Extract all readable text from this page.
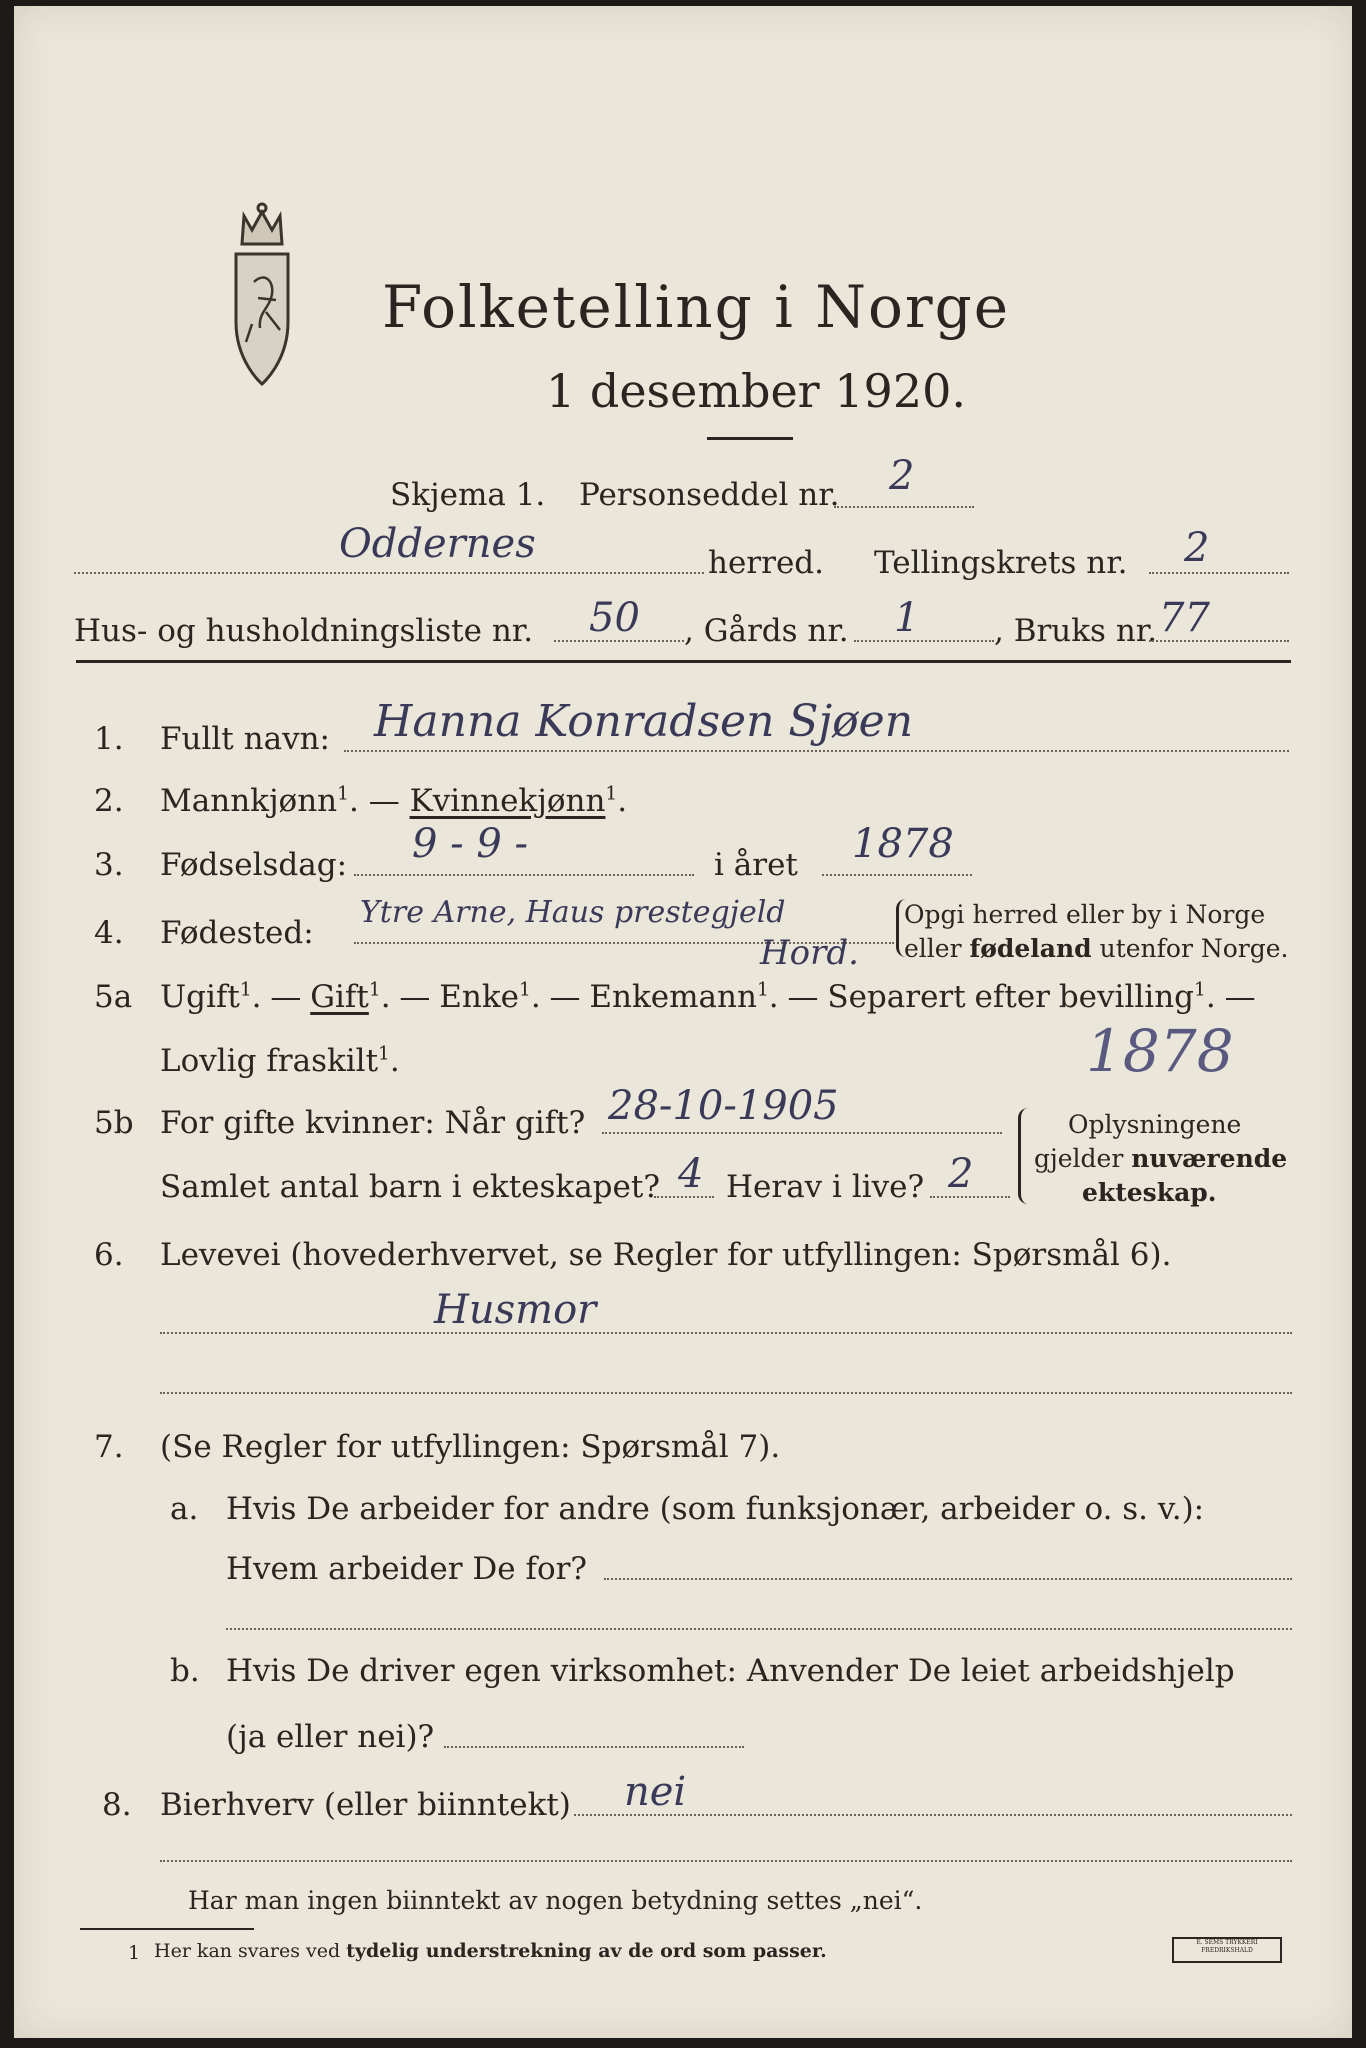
Folketelling i Norge
1 desember 1920.
Skjema 1. Personseddel nr. 2
Oddernes	herred. Tellingskrets nr. 2
Hus- og husholdningsliste nr. 50 , Gårds nr. 1 , Bruks nr. 77
1. Fullt navn: Hanna Konradsen Sjøen
2. Mannkjønn$^1$. — Kvinnekjønn$^1$.
3. Fødselsdag: 9 - 9 -	i året 1878
4. Fødested:
Ytre Arne, Haus prestegjeld
Hord.
Opgi herred eller by i Norge
eller fødeland utenfor Norge.
5a Ugift$^1$. — Gift$^1$. — Enke$^1$. — Enkemann$^1$. — Separert efter bevilling$^1$. —
Lovlig fraskilt$^1$.	1878
5b For gifte kvinner: Når gift? 28-10-1905
Samlet antal barn i ekteskapet? 4 Herav i live? 2
Oplysningene
gjelder nuværende
ekteskap.
6. Levevei (hovederhvervet, se Regler for utfyllingen: Spørsmål 6).
Husmor
7. (Se Regler for utfyllingen: Spørsmål 7).
a. Hvis De arbeider for andre (som funksjonær, arbeider o. s. v.):
Hvem arbeider De for?
b. Hvis De driver egen virksomhet: Anvender De leiet arbeidshjelp
(ja eller nei)?
8. Bierhverv (eller biinntekt) nei
Har man ingen biinntekt av nogen betydning settes „nei“.
1 Her kan svares ved tydelig understrekning av de ord som passer.	E. SEMS TRYKKERI FREDRIKSHALD
